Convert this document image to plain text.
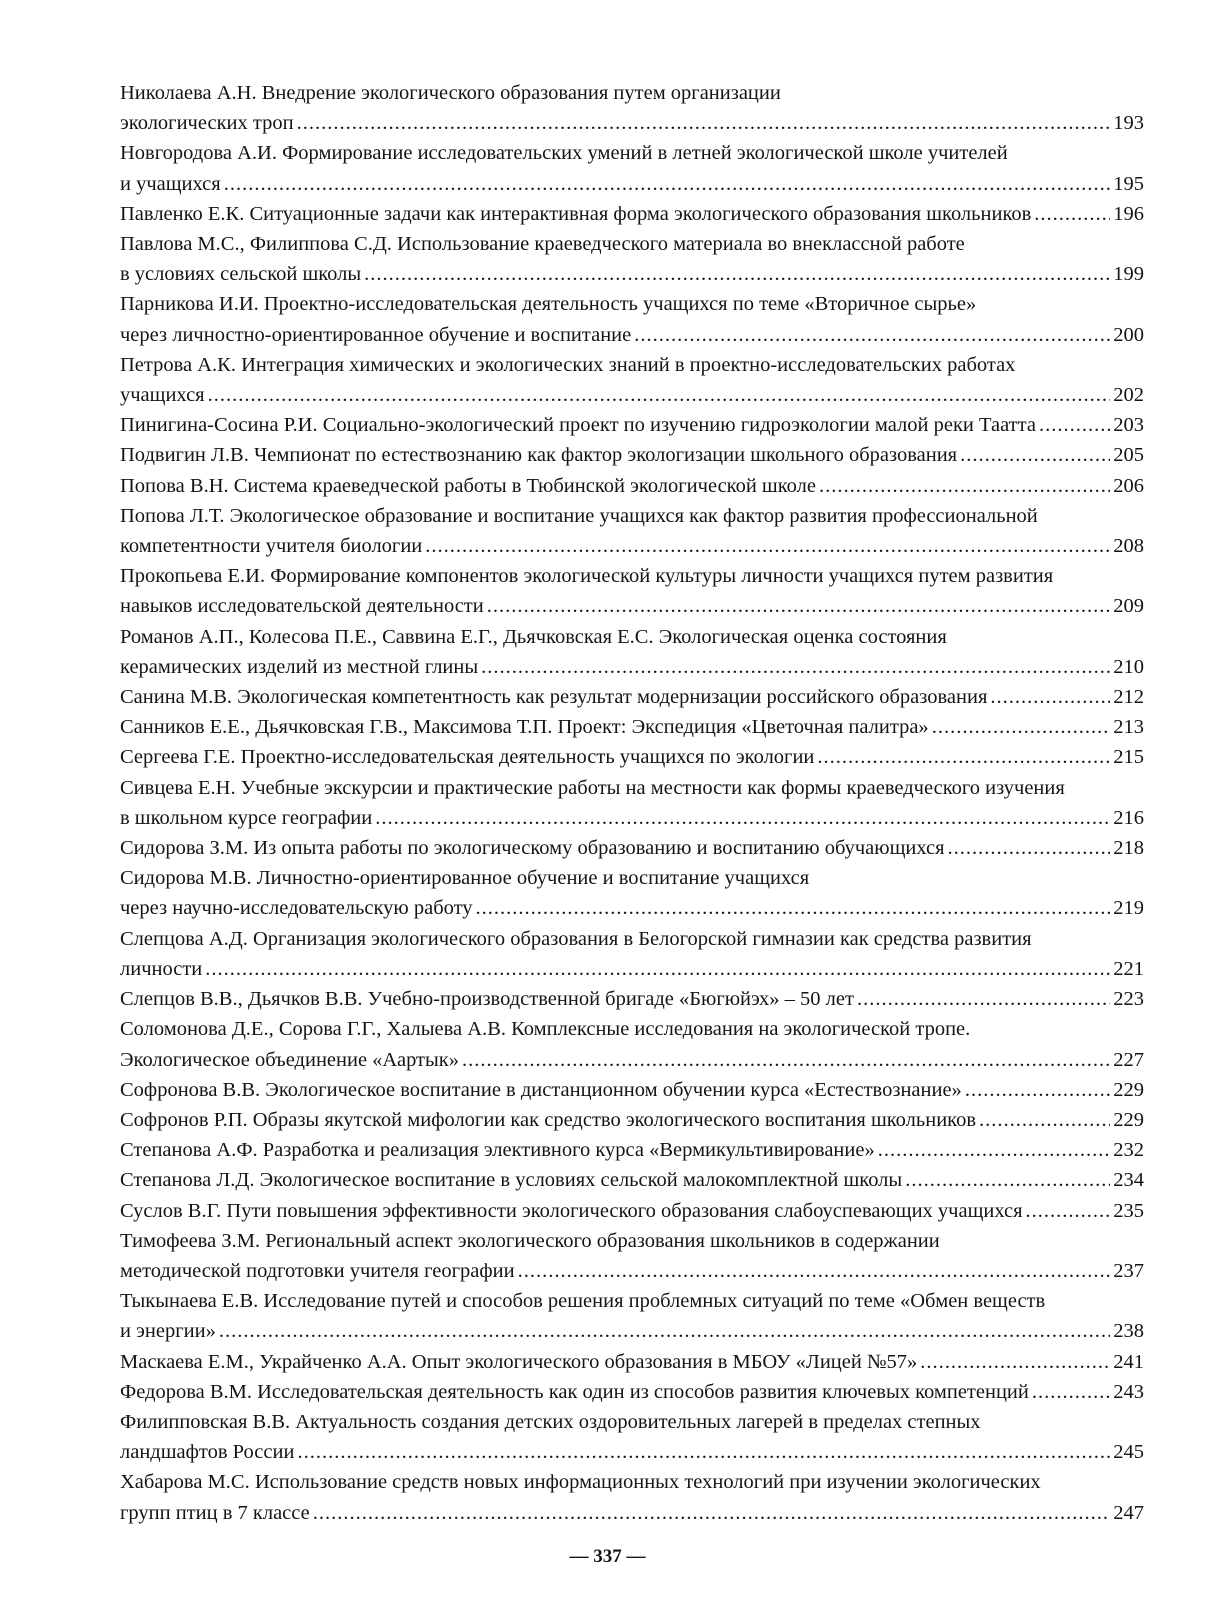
Николаева А.Н. Внедрение экологического образования путем организации
экологических троп .....	193
Новгородова А.И. Формирование исследовательских умений в летней экологической школе учителей
и учащихся .....	195
Павленко Е.К. Ситуационные задачи как интерактивная форма экологического образования школьников .....	196
Павлова М.С., Филиппова С.Д. Использование краеведческого материала во внеклассной работе
в условиях сельской школы .....	199
Парникова И.И. Проектно-исследовательская деятельность учащихся по теме «Вторичное сырье»
через личностно-ориентированное обучение и воспитание .....	200
Петрова А.К. Интеграция химических и экологических знаний в проектно-исследовательских работах
учащихся .....	202
Пинигина-Сосина Р.И. Социально-экологический проект по изучению гидроэкологии малой реки Таатта .....	203
Подвигин Л.В. Чемпионат по естествознанию как фактор экологизации школьного образования .....	205
Попова В.Н. Система краеведческой работы в Тюбинской экологической школе .....	206
Попова Л.Т. Экологическое образование и воспитание учащихся как фактор развития профессиональной
компетентности учителя биологии .....	208
Прокопьева Е.И. Формирование компонентов экологической культуры личности учащихся путем развития
навыков исследовательской деятельности .....	209
Романов А.П., Колесова П.Е., Саввина Е.Г., Дьячковская Е.С. Экологическая оценка состояния
керамических изделий из местной глины .....	210
Санина М.В. Экологическая компетентность как результат модернизации российского образования .....	212
Санников Е.Е., Дьячковская Г.В., Максимова Т.П. Проект: Экспедиция «Цветочная палитра» .....	213
Сергеева Г.Е. Проектно-исследовательская деятельность учащихся по экологии .....	215
Сивцева Е.Н. Учебные экскурсии и практические работы на местности как формы краеведческого изучения
в школьном курсе географии .....	216
Сидорова З.М. Из опыта работы по экологическому образованию и воспитанию обучающихся .....	218
Сидорова М.В. Личностно-ориентированное обучение и воспитание учащихся
через научно-исследовательскую работу .....	219
Слепцова А.Д. Организация экологического образования в Белогорской гимназии как средства развития
личности .....	221
Слепцов В.В., Дьячков В.В. Учебно-производственной бригаде «Бюгюйэх» – 50 лет .....	223
Соломонова Д.Е., Сорова Г.Г., Халыева А.В. Комплексные исследования на экологической тропе.
Экологическое объединение «Аартык» .....	227
Софронова В.В. Экологическое воспитание в дистанционном обучении курса «Естествознание» .....	229
Софронов Р.П. Образы якутской мифологии как средство экологического воспитания школьников .....	229
Степанова А.Ф. Разработка и реализация элективного курса «Вермикультивирование» .....	232
Степанова Л.Д. Экологическое воспитание в условиях сельской малокомплектной школы .....	234
Суслов В.Г. Пути повышения эффективности экологического образования слабоуспевающих учащихся .....	235
Тимофеева З.М. Региональный аспект экологического образования школьников в содержании
методической подготовки учителя географии .....	237
Тыкынаева Е.В. Исследование путей и способов решения проблемных ситуаций по теме «Обмен веществ
и энергии» .....	238
Маскаева Е.М., Украйченко А.А. Опыт экологического образования в МБОУ «Лицей №57» .....	241
Федорова В.М. Исследовательская деятельность как один из способов развития ключевых компетенций .....	243
Филипповская В.В. Актуальность создания детских оздоровительных лагерей в пределах степных
ландшафтов России .....	245
Хабарова М.С. Использование средств новых информационных технологий при изучении экологических
групп птиц в 7 классе .....	247
— 337 —
